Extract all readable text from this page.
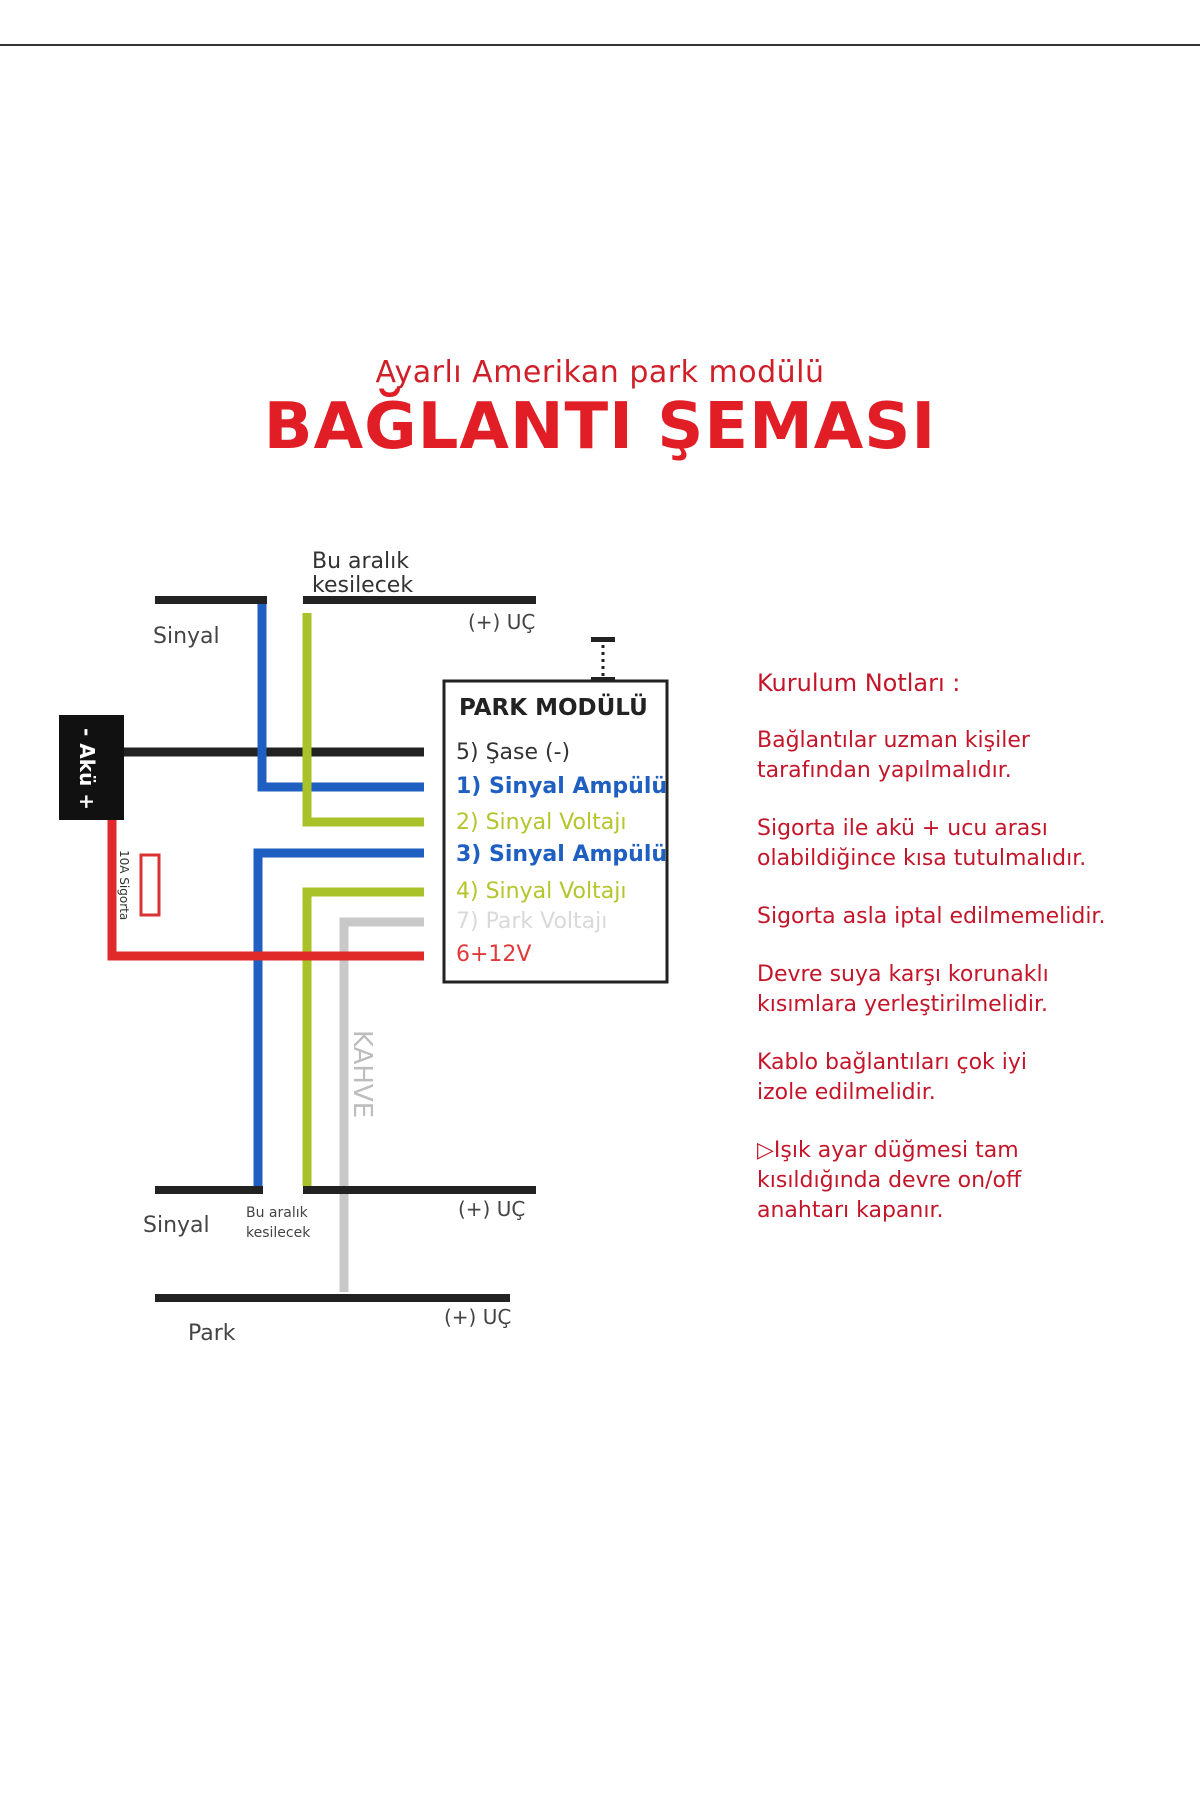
Ayarlı Amerikan park modülü
BAĞLANTI ŞEMASI
10A Sigorta
- Akü +
Bu aralık
kesilecek
Sinyal
(+) UÇ
PARK MODÜLÜ
5) Şase (-)
1) Sinyal Ampülü
2) Sinyal Voltajı
3) Sinyal Ampülü
4) Sinyal Voltajı
7) Park Voltajı
6+12V
KAHVE
Sinyal	Bu aralık
kesilecek
(+) UÇ
Park
(+) UÇ
Kurulum Notları :
Bağlantılar uzman kişiler
tarafından yapılmalıdır.
Sigorta ile akü + ucu arası
olabildiğince kısa tutulmalıdır.
Sigorta asla iptal edilmemelidir.
Devre suya karşı korunaklı
kısımlara yerleştirilmelidir.
Kablo bağlantıları çok iyi
izole edilmelidir.
▷Işık ayar düğmesi tam
kısıldığında devre on/off
anahtarı kapanır.
